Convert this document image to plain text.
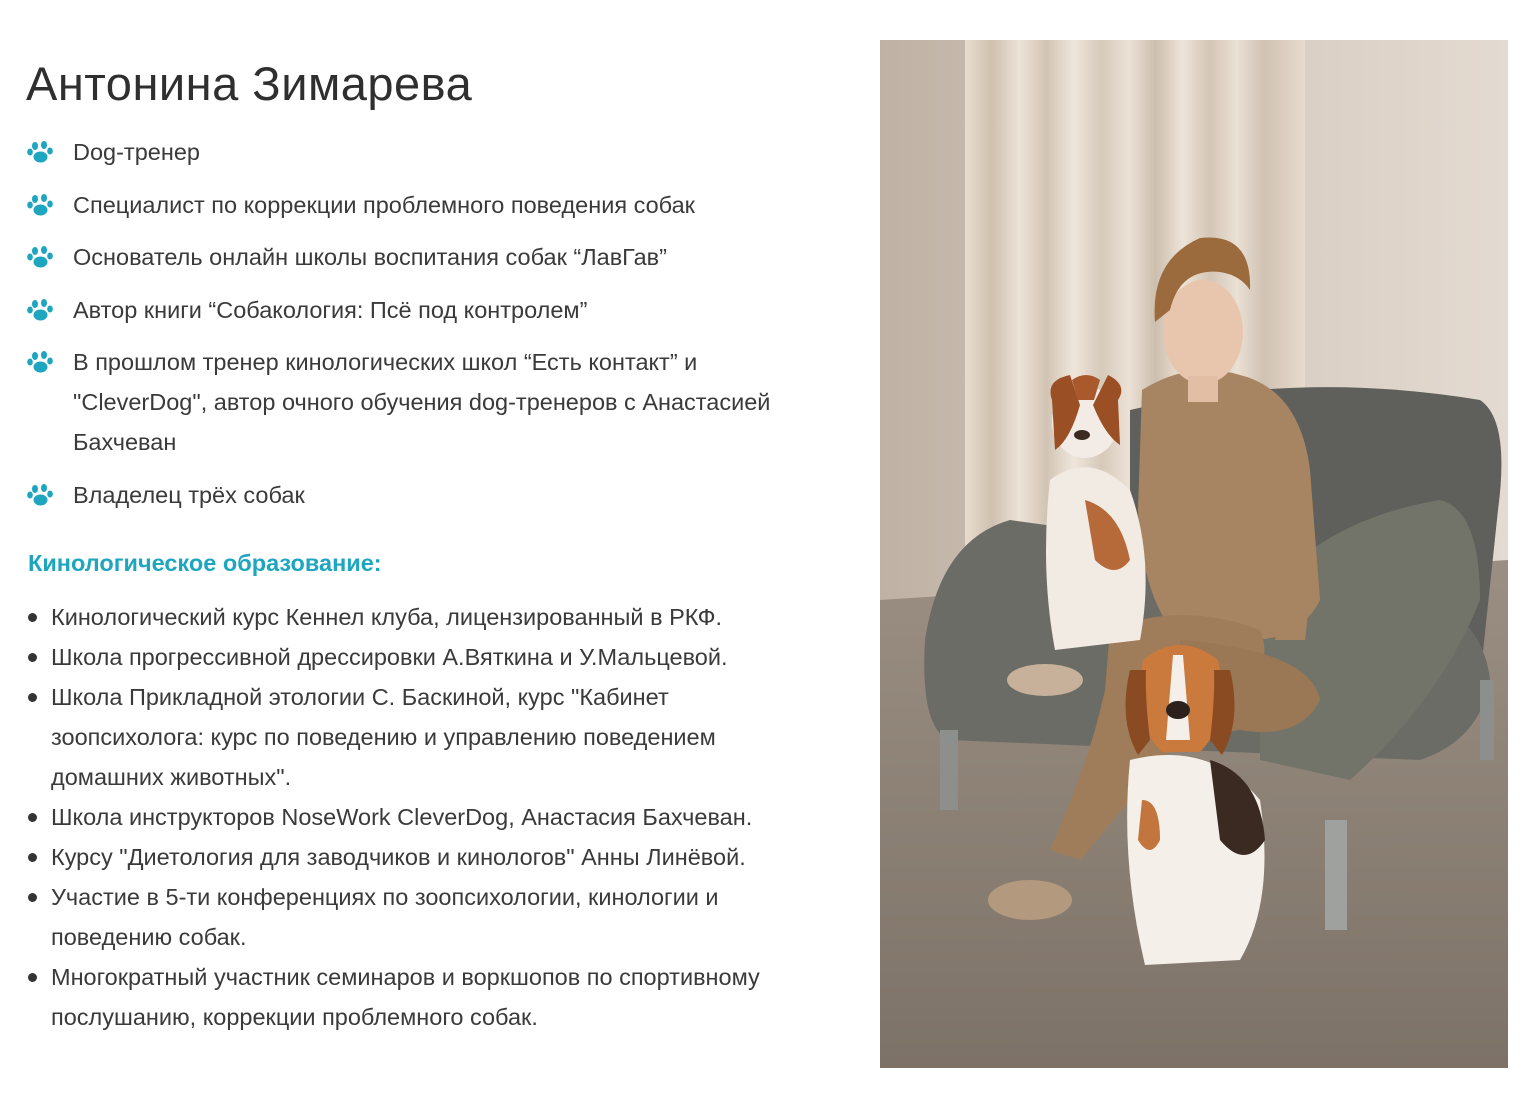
Антонина Зимарева
Dog-тренер
Специалист по коррекции проблемного поведения собак
Основатель онлайн школы воспитания собак “ЛавГав”
Автор книги “Собакология: Псё под контролем”
В прошлом тренер кинологических школ “Есть контакт” и "CleverDog", автор очного обучения dog-тренеров с Анастасией Бахчеван
Владелец трёх собак
Кинологическое образование:
Кинологический курс Кеннел клуба, лицензированный в РКФ.
Школа прогрессивной дрессировки А.Вяткина и У.Мальцевой.
Школа Прикладной этологии С. Баскиной, курс "Кабинет зоопсихолога: курс по поведению и управлению поведением домашних животных".
Школа инструкторов NoseWork CleverDog, Анастасия Бахчеван.
Курсу "Диетология для заводчиков и кинологов" Анны Линёвой.
Участие в 5-ти конференциях по зоопсихологии, кинологии и поведению собак.
Многократный участник семинаров и воркшопов по спортивному послушанию, коррекции проблемного собак.
